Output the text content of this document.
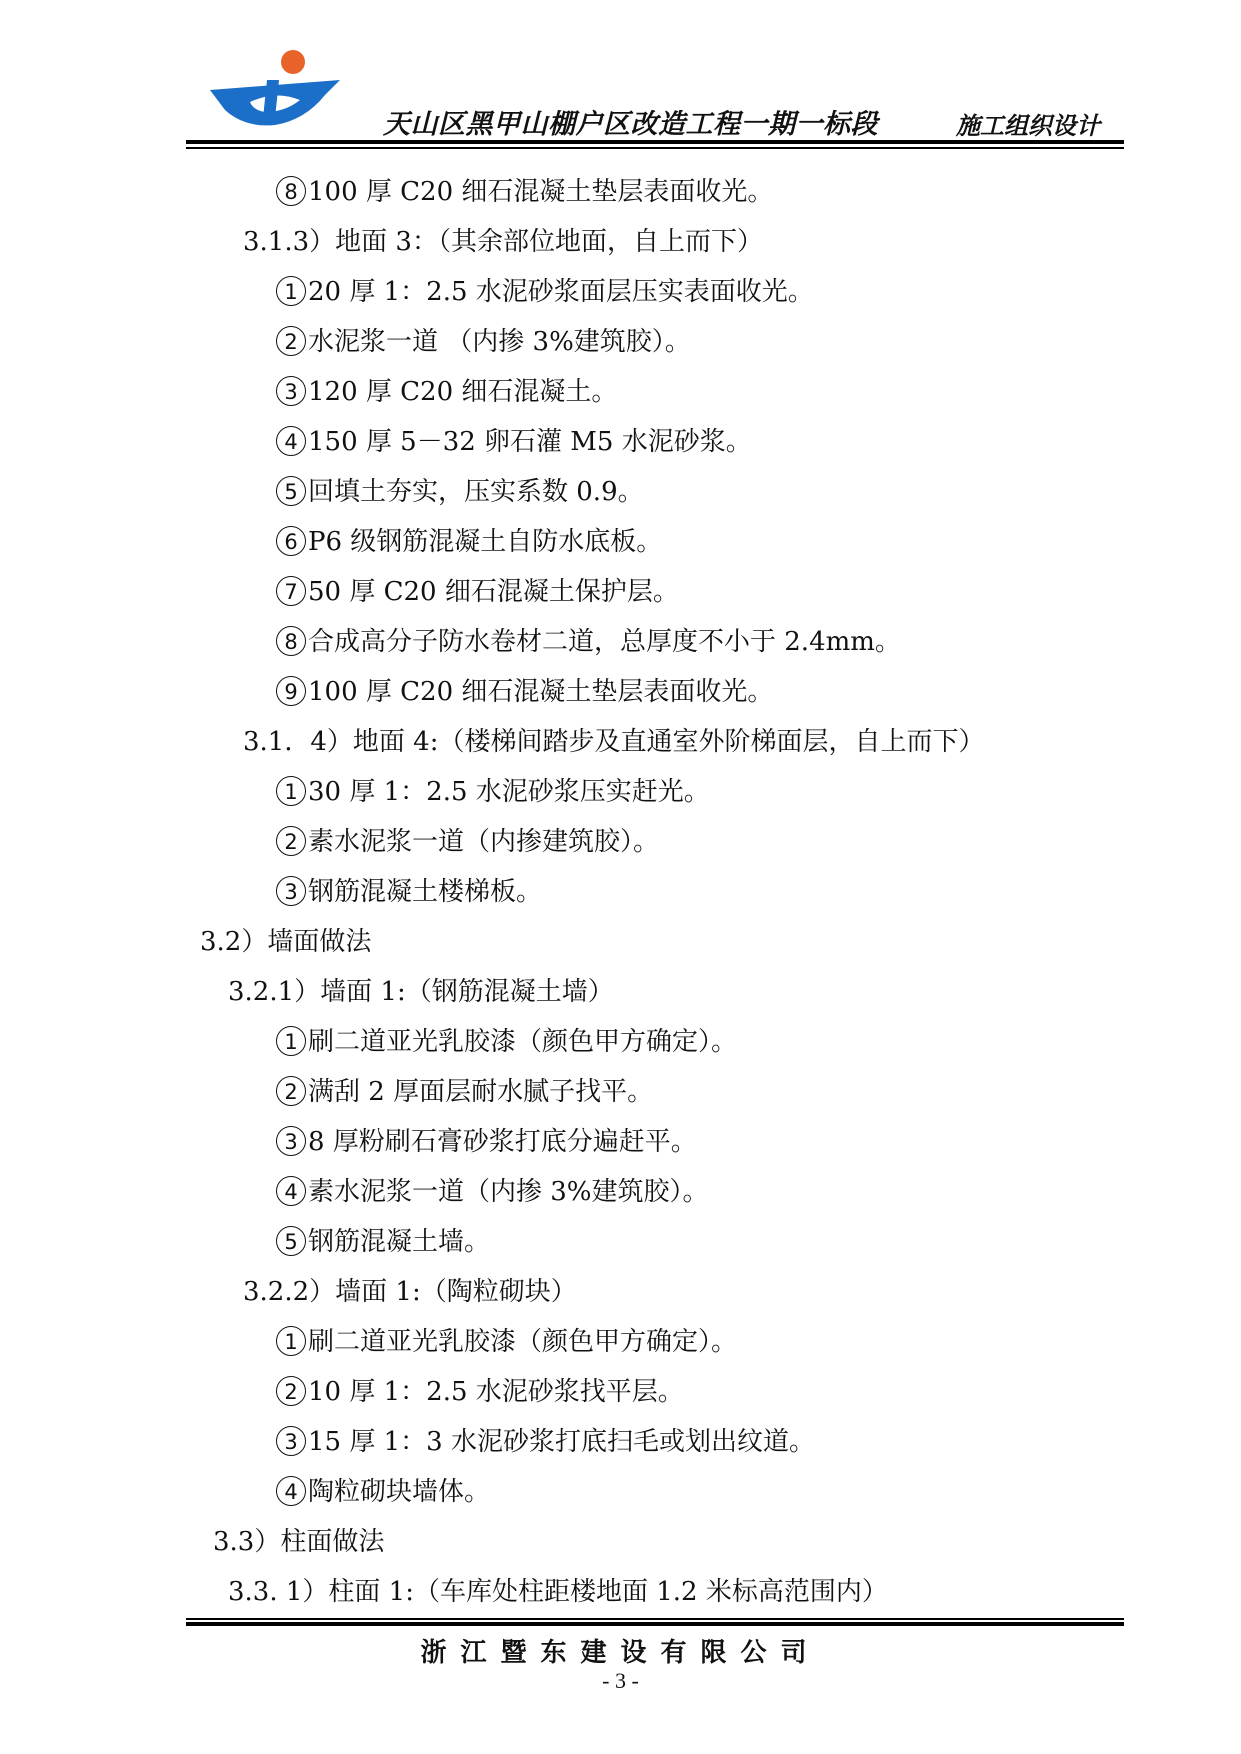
天山区黑甲山棚户区改造工程一期一标段	施工组织设计
8 100 厚 C20 细石混凝土垫层表面收光。
3.1.3）地面 3：（其余部位地面，自上而下）
1 20 厚 1：2.5 水泥砂浆面层压实表面收光。
2 水泥浆一道 （内掺 3%建筑胶）。
3 120 厚 C20 细石混凝土。
4 150 厚 5－32 卵石灌 M5 水泥砂浆。
5 回填土夯实，压实系数 0.9。
6 P6 级钢筋混凝土自防水底板。
7 50 厚 C20 细石混凝土保护层。
8 合成高分子防水卷材二道，总厚度不小于 2.4mm。
9 100 厚 C20 细石混凝土垫层表面收光。
3.1．4）地面 4:（楼梯间踏步及直通室外阶梯面层，自上而下）
1 30 厚 1：2.5 水泥砂浆压实赶光。
2 素水泥浆一道（内掺建筑胶）。
3 钢筋混凝土楼梯板。
3.2）墙面做法
3.2.1）墙面 1:（钢筋混凝土墙）
1 刷二道亚光乳胶漆（颜色甲方确定）。
2 满刮 2 厚面层耐水腻子找平。
3 8 厚粉刷石膏砂浆打底分遍赶平。
4 素水泥浆一道（内掺 3%建筑胶）。
5 钢筋混凝土墙。
3.2.2）墙面 1:（陶粒砌块）
1 刷二道亚光乳胶漆（颜色甲方确定）。
2 10 厚 1：2.5 水泥砂浆找平层。
3 15 厚 1：3 水泥砂浆打底扫毛或划出纹道。
4 陶粒砌块墙体。
3.3）柱面做法
3.3. 1）柱面 1:（车库处柱距楼地面 1.2 米标高范围内）
浙江暨东建设有限公司
- 3 -
